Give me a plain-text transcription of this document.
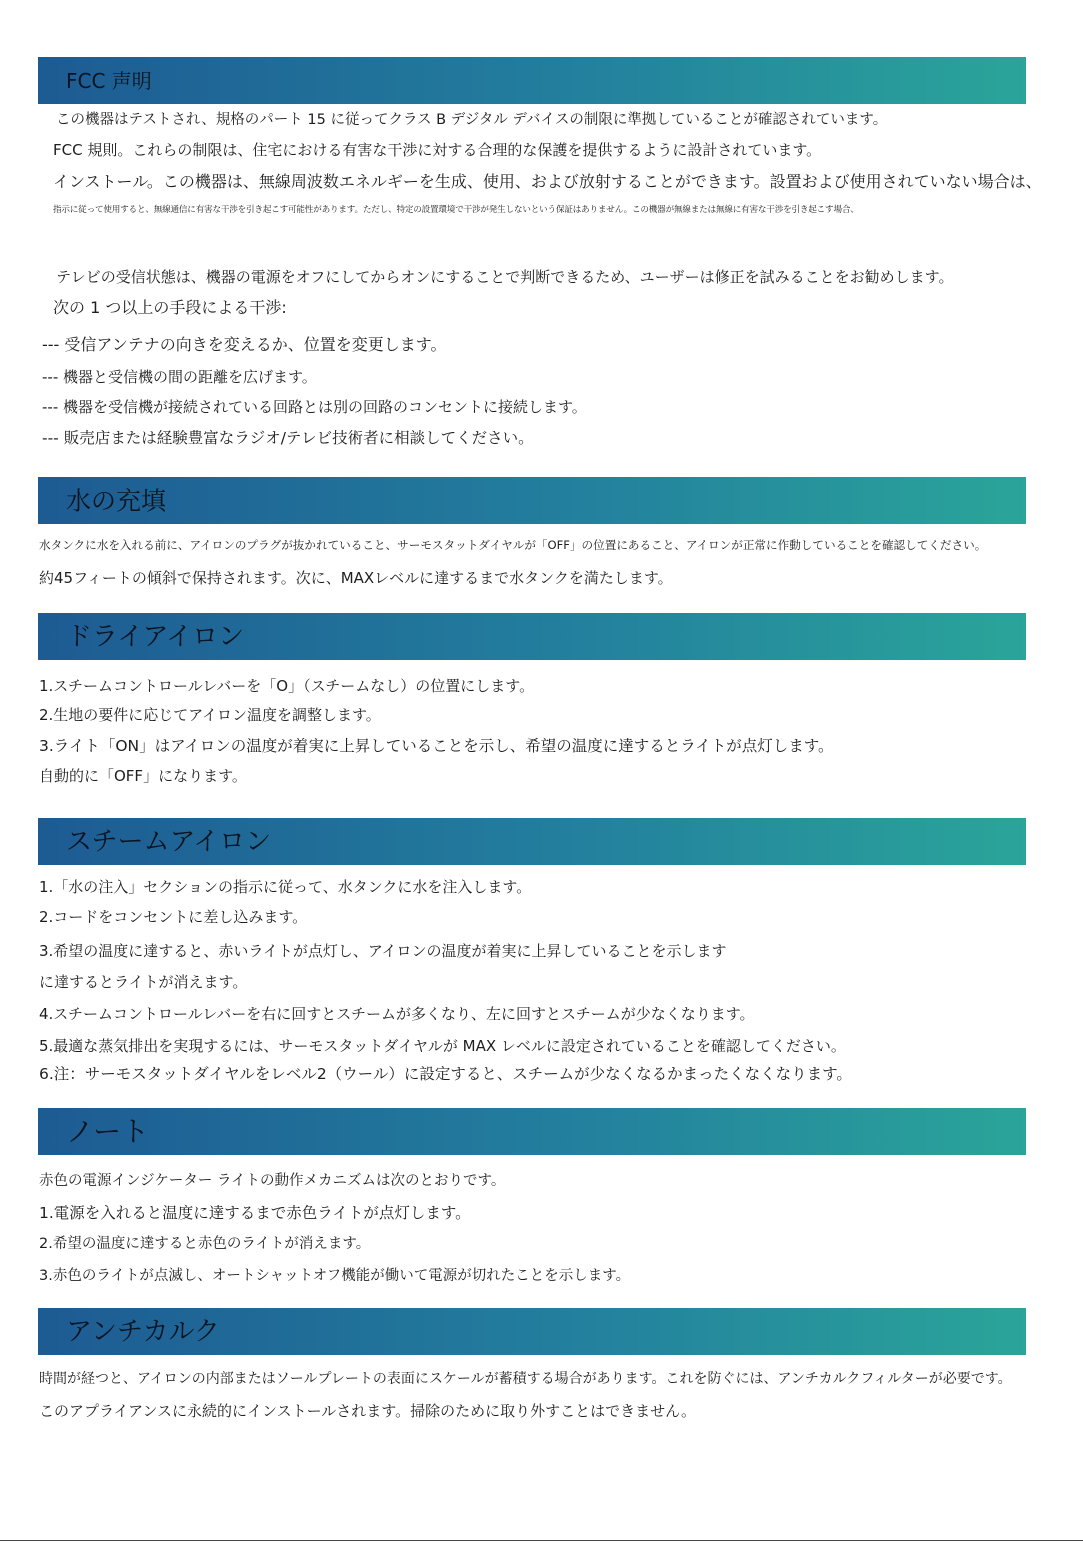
FCC 声明
この機器はテストされ、規格のパート 15 に従ってクラス B デジタル デバイスの制限に準拠していることが確認されています。
FCC 規則。これらの制限は、住宅における有害な干渉に対する合理的な保護を提供するように設計されています。
インストール。この機器は、無線周波数エネルギーを生成、使用、および放射することができます。設置および使用されていない場合は、
指示に従って使用すると、無線通信に有害な干渉を引き起こす可能性があります。ただし、特定の設置環境で干渉が発生しないという保証はありません。この機器が無線または無線に有害な干渉を引き起こす場合、
テレビの受信状態は、機器の電源をオフにしてからオンにすることで判断できるため、ユーザーは修正を試みることをお勧めします。
次の 1 つ以上の手段による干渉:
--- 受信アンテナの向きを変えるか、位置を変更します。
--- 機器と受信機の間の距離を広げます。
--- 機器を受信機が接続されている回路とは別の回路のコンセントに接続します。
--- 販売店または経験豊富なラジオ/テレビ技術者に相談してください。
水の充填
水タンクに水を入れる前に、アイロンのプラグが抜かれていること、サーモスタットダイヤルが「OFF」の位置にあること、アイロンが正常に作動していることを確認してください。
約45フィートの傾斜で保持されます。次に、MAXレベルに達するまで水タンクを満たします。
ドライアイロン
1.スチームコントロールレバーを「O」（スチームなし）の位置にします。
2.生地の要件に応じてアイロン温度を調整します。
3.ライト「ON」はアイロンの温度が着実に上昇していることを示し、希望の温度に達するとライトが点灯します。
自動的に「OFF」になります。
スチームアイロン
1.「水の注入」セクションの指示に従って、水タンクに水を注入します。
2.コードをコンセントに差し込みます。
3.希望の温度に達すると、赤いライトが点灯し、アイロンの温度が着実に上昇していることを示します
に達するとライトが消えます。
4.スチームコントロールレバーを右に回すとスチームが多くなり、左に回すとスチームが少なくなります。
5.最適な蒸気排出を実現するには、サーモスタットダイヤルが MAX レベルに設定されていることを確認してください。
6.注：サーモスタットダイヤルをレベル2（ウール）に設定すると、スチームが少なくなるかまったくなくなります。
ノート
赤色の電源インジケーター ライトの動作メカニズムは次のとおりです。
1.電源を入れると温度に達するまで赤色ライトが点灯します。
2.希望の温度に達すると赤色のライトが消えます。
3.赤色のライトが点滅し、オートシャットオフ機能が働いて電源が切れたことを示します。
アンチカルク
時間が経つと、アイロンの内部またはソールプレートの表面にスケールが蓄積する場合があります。これを防ぐには、アンチカルクフィルターが必要です。
このアプライアンスに永続的にインストールされます。掃除のために取り外すことはできません。
